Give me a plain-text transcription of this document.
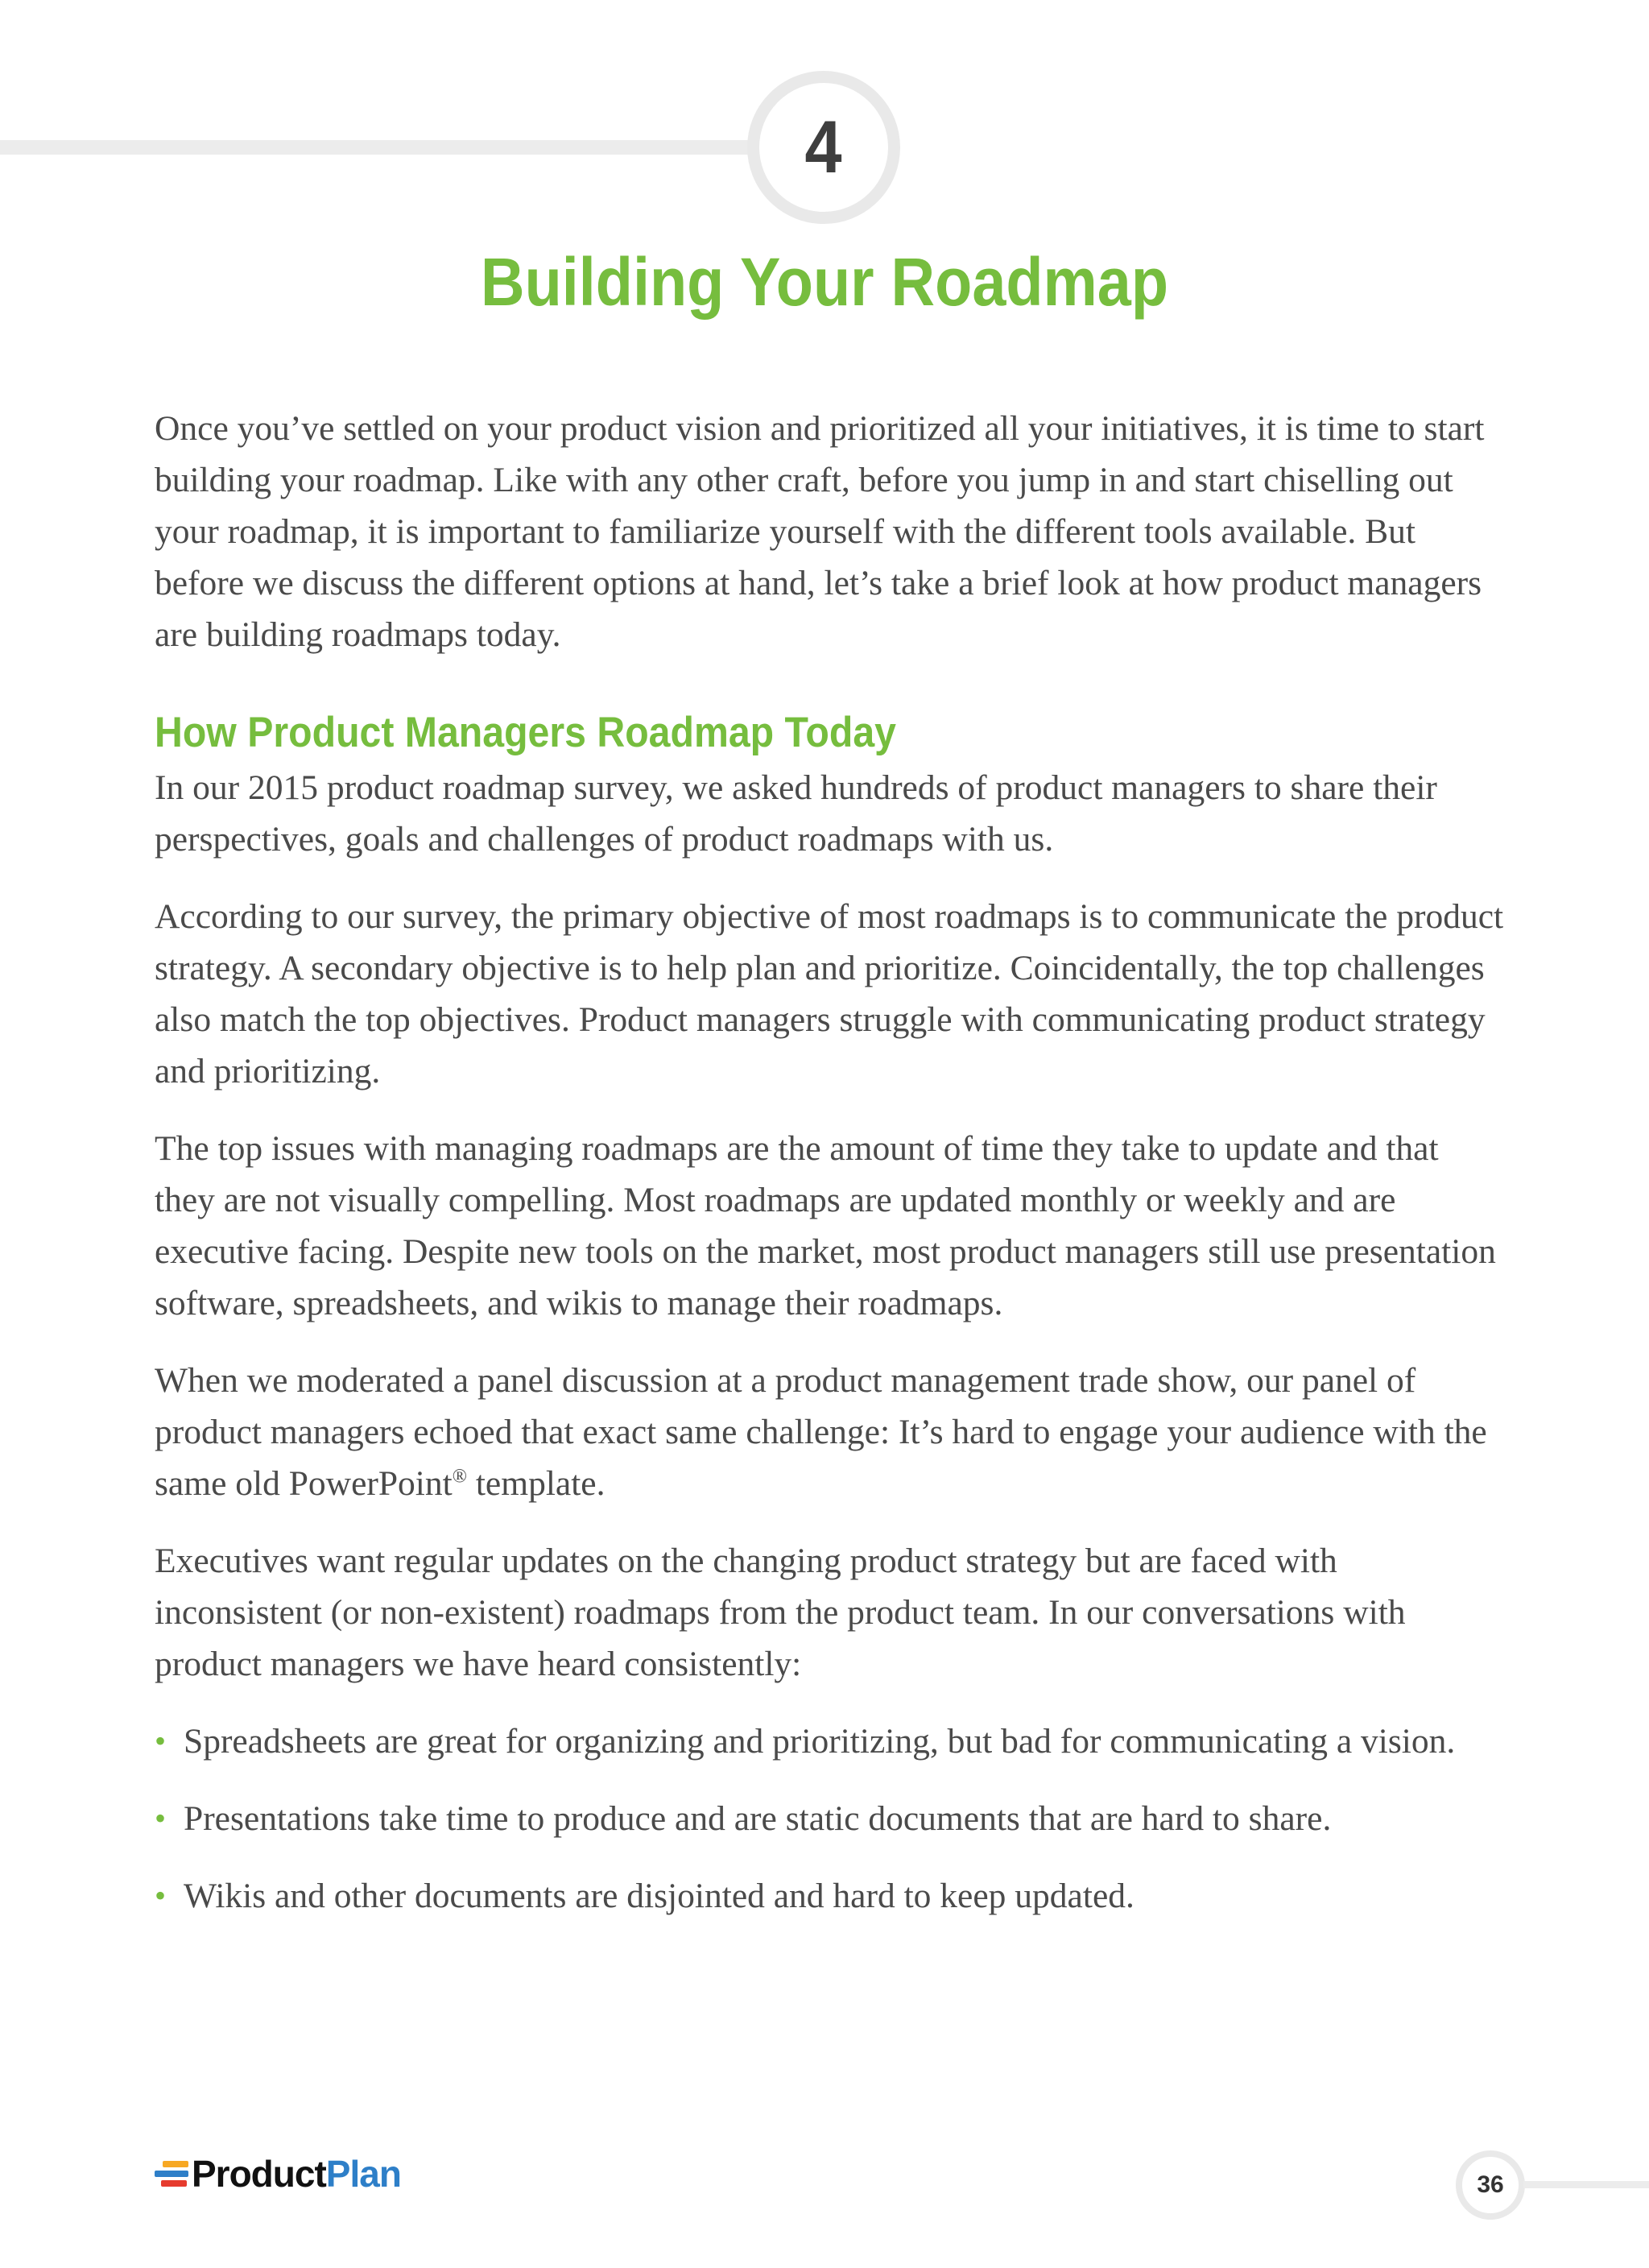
4
Building Your Roadmap

Once you’ve settled on your product vision and prioritized all your initiatives, it is time to start building your roadmap. Like with any other craft, before you jump in and start chiselling out your roadmap, it is important to familiarize yourself with the different tools available. But before we discuss the different options at hand, let’s take a brief look at how product managers are building roadmaps today.

How Product Managers Roadmap Today

In our 2015 product roadmap survey, we asked hundreds of product managers to share their perspectives, goals and challenges of product roadmaps with us.

According to our survey, the primary objective of most roadmaps is to communicate the product strategy. A secondary objective is to help plan and prioritize. Coincidentally, the top challenges also match the top objectives. Product managers struggle with communicating product strategy and prioritizing.

The top issues with managing roadmaps are the amount of time they take to update and that they are not visually compelling. Most roadmaps are updated monthly or weekly and are executive facing. Despite new tools on the market, most product managers still use presentation software, spreadsheets, and wikis to manage their roadmaps.

When we moderated a panel discussion at a product management trade show, our panel of product managers echoed that exact same challenge: It’s hard to engage your audience with the same old PowerPoint® template.

Executives want regular updates on the changing product strategy but are faced with inconsistent (or non-existent) roadmaps from the product team. In our conversations with product managers we have heard consistently:

• Spreadsheets are great for organizing and prioritizing, but bad for communicating a vision.
• Presentations take time to produce and are static documents that are hard to share.
• Wikis and other documents are disjointed and hard to keep updated.
ProductPlan	36
